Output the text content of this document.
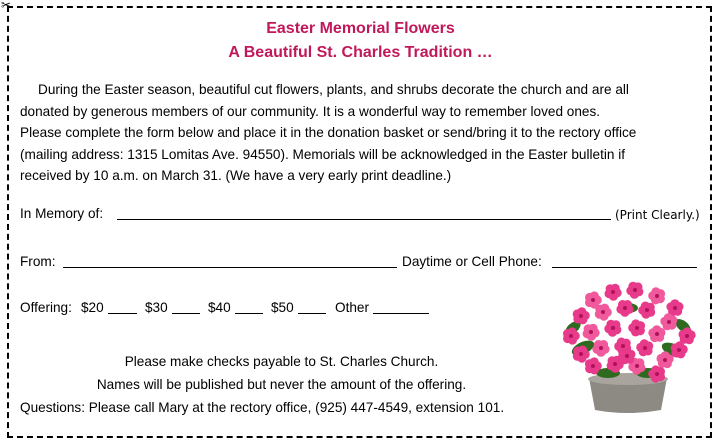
✂
Easter Memorial Flowers
A Beautiful St. Charles Tradition …
During the Easter season, beautiful cut flowers, plants, and shrubs decorate the church and are all
donated by generous members of our community. It is a wonderful way to remember loved ones.
Please complete the form below and place it in the donation basket or send/bring it to the rectory office
(mailing address: 1315 Lomitas Ave. 94550). Memorials will be acknowledged in the Easter bulletin if
received by 10 a.m. on March 31. (We have a very early print deadline.)
In Memory of:	(Print Clearly.)
From:	Daytime or Cell Phone:
Offering: $20	$30	$40	$50	Other
Please make checks payable to St. Charles Church.
Names will be published but never the amount of the offering.
Questions: Please call Mary at the rectory office, (925) 447-4549, extension 101.
